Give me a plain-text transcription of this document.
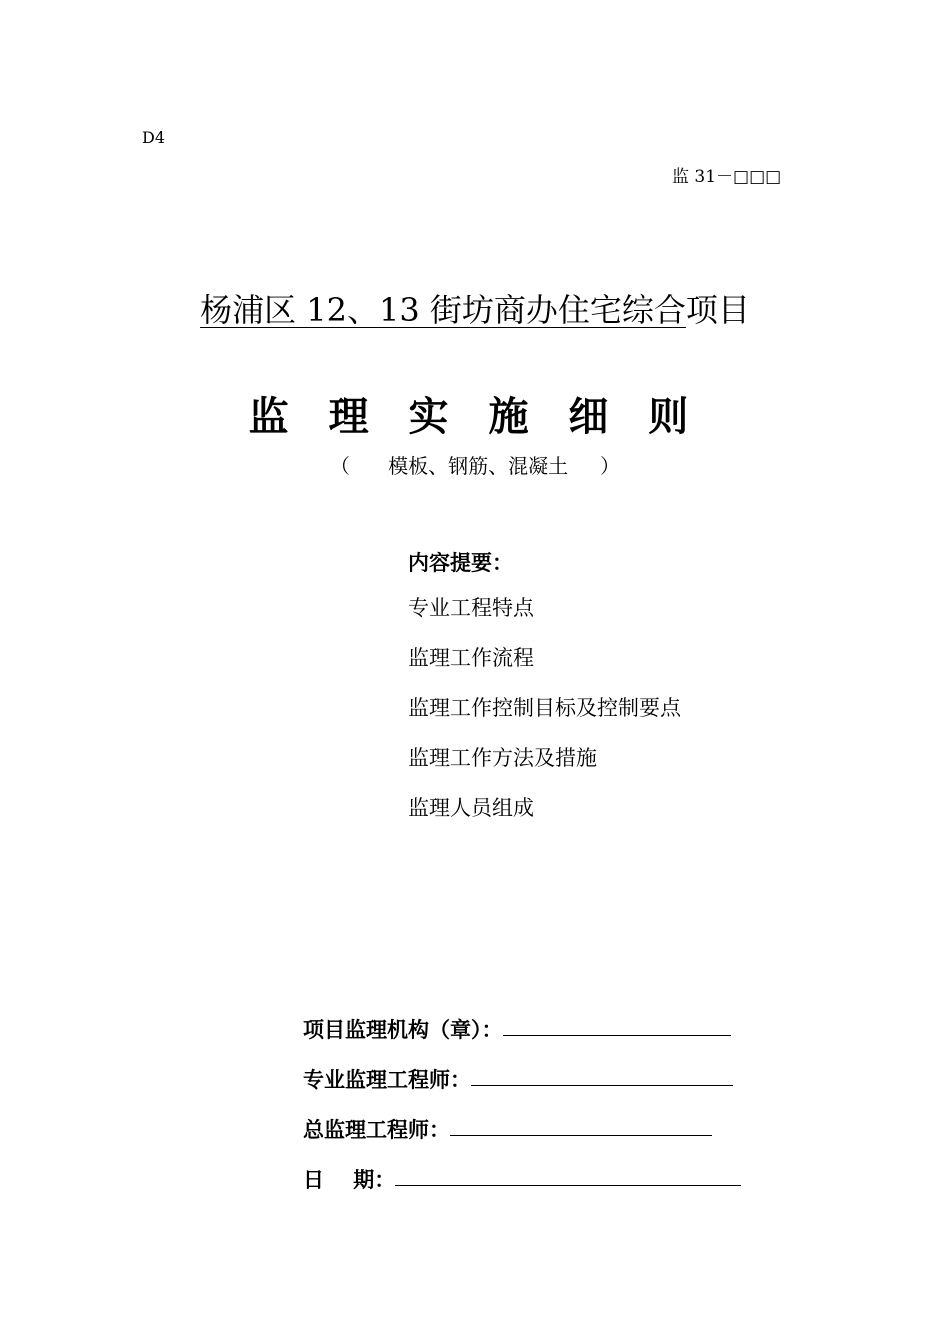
D4
监 31－□□□
杨浦区 12、13 街坊商办住宅综合项目
监 理 实 施 细 则
（      模板、钢筋、混凝土     ）
内容提要：
专业工程特点
监理工作流程
监理工作控制目标及控制要点
监理工作方法及措施
监理人员组成
项目监理机构（章）：
专业监理工程师：
总监理工程师：
日    期：
